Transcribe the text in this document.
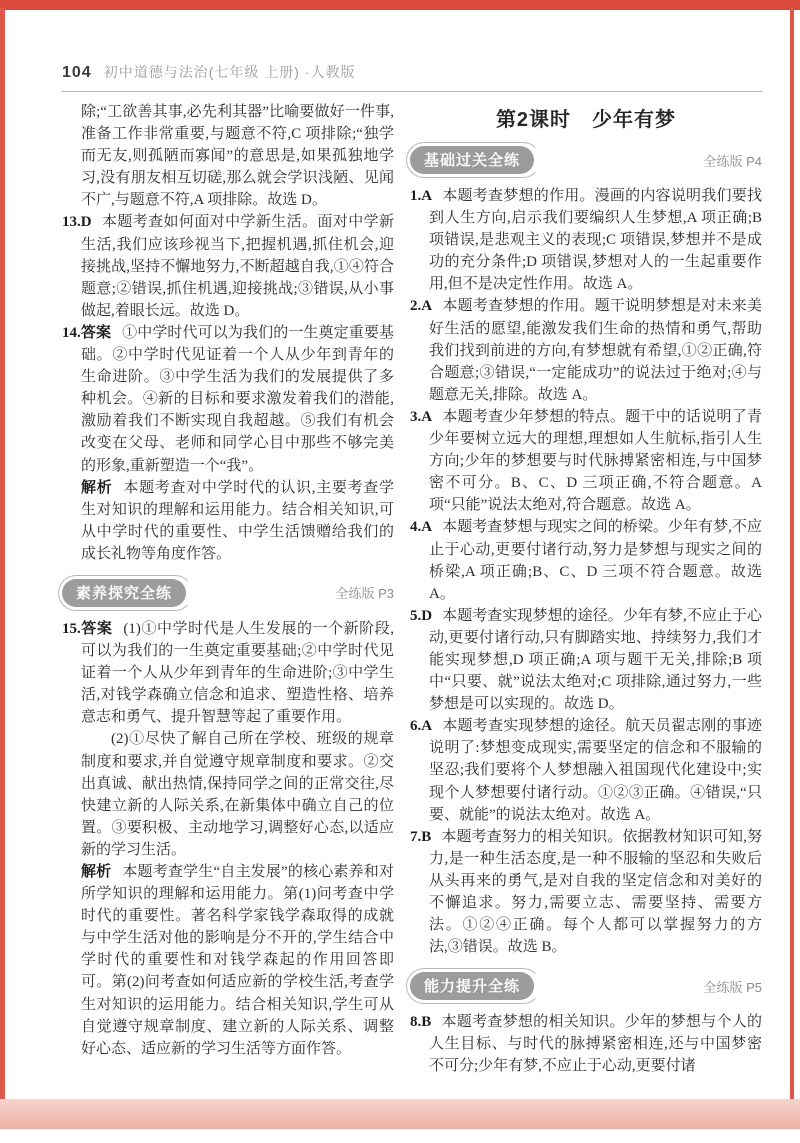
104 初中道德与法治(七年级 上册) ·人教版

除;“工欲善其事,必先利其器”比喻要做好一件事,准备工作非常重要,与题意不符,C 项排除;“独学而无友,则孤陋而寡闻”的意思是,如果孤独地学习,没有朋友相互切磋,那么就会学识浅陋、见闻不广,与题意不符,A 项排除。故选 D。

13.D 本题考查如何面对中学新生活。面对中学新生活,我们应该珍视当下,把握机遇,抓住机会,迎接挑战,坚持不懈地努力,不断超越自我,①④符合题意;②错误,抓住机遇,迎接挑战;③错误,从小事做起,着眼长远。故选 D。

14.答案 ①中学时代可以为我们的一生奠定重要基础。②中学时代见证着一个人从少年到青年的生命进阶。③中学生活为我们的发展提供了多种机会。④新的目标和要求激发着我们的潜能,激励着我们不断实现自我超越。⑤我们有机会改变在父母、老师和同学心目中那些不够完美的形象,重新塑造一个“我”。

解析 本题考查对中学时代的认识,主要考查学生对知识的理解和运用能力。结合相关知识,可从中学时代的重要性、中学生活馈赠给我们的成长礼物等角度作答。

素养探究全练	全练版 P3

15.答案 (1)①中学时代是人生发展的一个新阶段,可以为我们的一生奠定重要基础;②中学时代见证着一个人从少年到青年的生命进阶;③中学生活,对钱学森确立信念和追求、塑造性格、培养意志和勇气、提升智慧等起了重要作用。

(2)①尽快了解自己所在学校、班级的规章制度和要求,并自觉遵守规章制度和要求。②交出真诚、献出热情,保持同学之间的正常交往,尽快建立新的人际关系,在新集体中确立自己的位置。③要积极、主动地学习,调整好心态,以适应新的学习生活。

解析 本题考查学生“自主发展”的核心素养和对所学知识的理解和运用能力。第(1)问考查中学时代的重要性。著名科学家钱学森取得的成就与中学生活对他的影响是分不开的,学生结合中学时代的重要性和对钱学森起的作用回答即可。第(2)问考查如何适应新的学校生活,考查学生对知识的运用能力。结合相关知识,学生可从自觉遵守规章制度、建立新的人际关系、调整好心态、适应新的学习生活等方面作答。

第2课时　少年有梦
基础过关全练	全练版 P4

1.A 本题考查梦想的作用。漫画的内容说明我们要找到人生方向,启示我们要编织人生梦想,A 项正确;B 项错误,是悲观主义的表现;C 项错误,梦想并不是成功的充分条件;D 项错误,梦想对人的一生起重要作用,但不是决定性作用。故选 A。

2.A 本题考查梦想的作用。题干说明梦想是对未来美好生活的愿望,能激发我们生命的热情和勇气,帮助我们找到前进的方向,有梦想就有希望,①②正确,符合题意;③错误,“一定能成功”的说法过于绝对;④与题意无关,排除。故选 A。

3.A 本题考查少年梦想的特点。题干中的话说明了青少年要树立远大的理想,理想如人生航标,指引人生方向;少年的梦想要与时代脉搏紧密相连,与中国梦密不可分。B、C、D 三项正确,不符合题意。A 项“只能”说法太绝对,符合题意。故选 A。

4.A 本题考查梦想与现实之间的桥梁。少年有梦,不应止于心动,更要付诸行动,努力是梦想与现实之间的桥梁,A 项正确;B、C、D 三项不符合题意。故选 A。

5.D 本题考查实现梦想的途径。少年有梦,不应止于心动,更要付诸行动,只有脚踏实地、持续努力,我们才能实现梦想,D 项正确;A 项与题干无关,排除;B 项中“只要、就”说法太绝对;C 项排除,通过努力,一些梦想是可以实现的。故选 D。

6.A 本题考查实现梦想的途径。航天员翟志刚的事迹说明了:梦想变成现实,需要坚定的信念和不服输的坚忍;我们要将个人梦想融入祖国现代化建设中;实现个人梦想要付诸行动。①②③正确。④错误,“只要、就能”的说法太绝对。故选 A。

7.B 本题考查努力的相关知识。依据教材知识可知,努力,是一种生活态度,是一种不服输的坚忍和失败后从头再来的勇气,是对自我的坚定信念和对美好的不懈追求。努力,需要立志、需要坚持、需要方法。①②④正确。每个人都可以掌握努力的方法,③错误。故选 B。

能力提升全练	全练版 P5

8.B 本题考查梦想的相关知识。少年的梦想与个人的人生目标、与时代的脉搏紧密相连,还与中国梦密不可分;少年有梦,不应止于心动,更要付诸
